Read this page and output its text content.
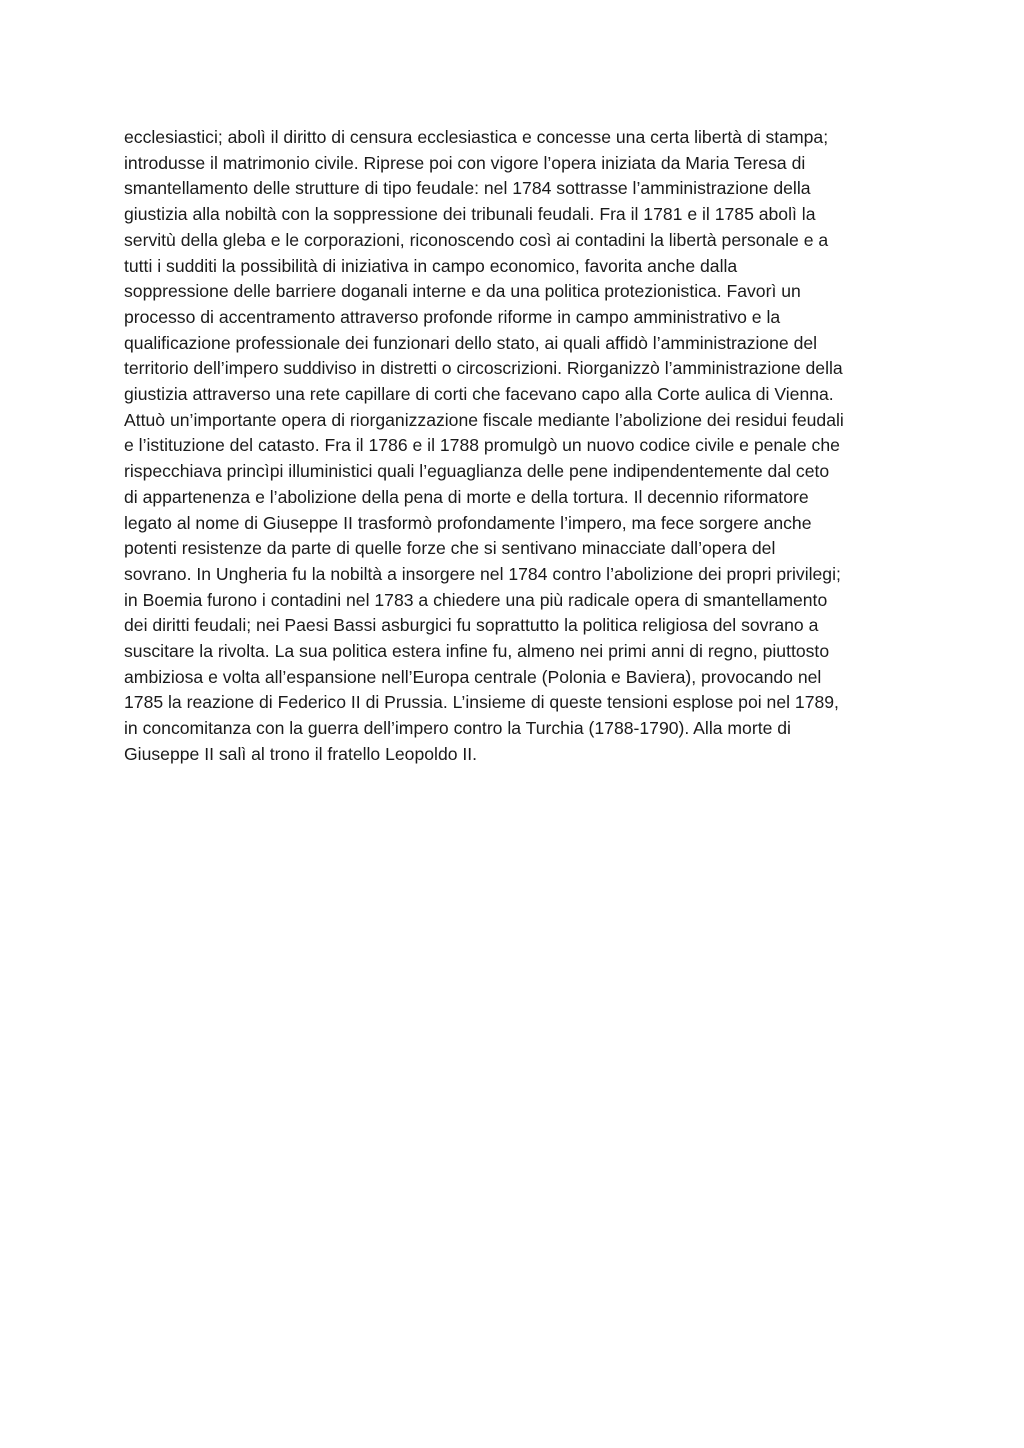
ecclesiastici; abolì il diritto di censura ecclesiastica e concesse una certa libertà di stampa;
introdusse il matrimonio civile. Riprese poi con vigore l’opera iniziata da Maria Teresa di
smantellamento delle strutture di tipo feudale: nel 1784 sottrasse l’amministrazione della
giustizia alla nobiltà con la soppressione dei tribunali feudali. Fra il 1781 e il 1785 abolì la
servitù della gleba e le corporazioni, riconoscendo così ai contadini la libertà personale e a
tutti i sudditi la possibilità di iniziativa in campo economico, favorita anche dalla
soppressione delle barriere doganali interne e da una politica protezionistica. Favorì un
processo di accentramento attraverso profonde riforme in campo amministrativo e la
qualificazione professionale dei funzionari dello stato, ai quali affidò l’amministrazione del
territorio dell’impero suddiviso in distretti o circoscrizioni. Riorganizzò l’amministrazione della
giustizia attraverso una rete capillare di corti che facevano capo alla Corte aulica di Vienna.
Attuò un’importante opera di riorganizzazione fiscale mediante l’abolizione dei residui feudali
e l’istituzione del catasto. Fra il 1786 e il 1788 promulgò un nuovo codice civile e penale che
rispecchiava princìpi illuministici quali l’eguaglianza delle pene indipendentemente dal ceto
di appartenenza e l’abolizione della pena di morte e della tortura. Il decennio riformatore
legato al nome di Giuseppe II trasformò profondamente l’impero, ma fece sorgere anche
potenti resistenze da parte di quelle forze che si sentivano minacciate dall’opera del
sovrano. In Ungheria fu la nobiltà a insorgere nel 1784 contro l’abolizione dei propri privilegi;
in Boemia furono i contadini nel 1783 a chiedere una più radicale opera di smantellamento
dei diritti feudali; nei Paesi Bassi asburgici fu soprattutto la politica religiosa del sovrano a
suscitare la rivolta. La sua politica estera infine fu, almeno nei primi anni di regno, piuttosto
ambiziosa e volta all’espansione nell’Europa centrale (Polonia e Baviera), provocando nel
1785 la reazione di Federico II di Prussia. L’insieme di queste tensioni esplose poi nel 1789,
in concomitanza con la guerra dell’impero contro la Turchia (1788-1790). Alla morte di
Giuseppe II salì al trono il fratello Leopoldo II.
